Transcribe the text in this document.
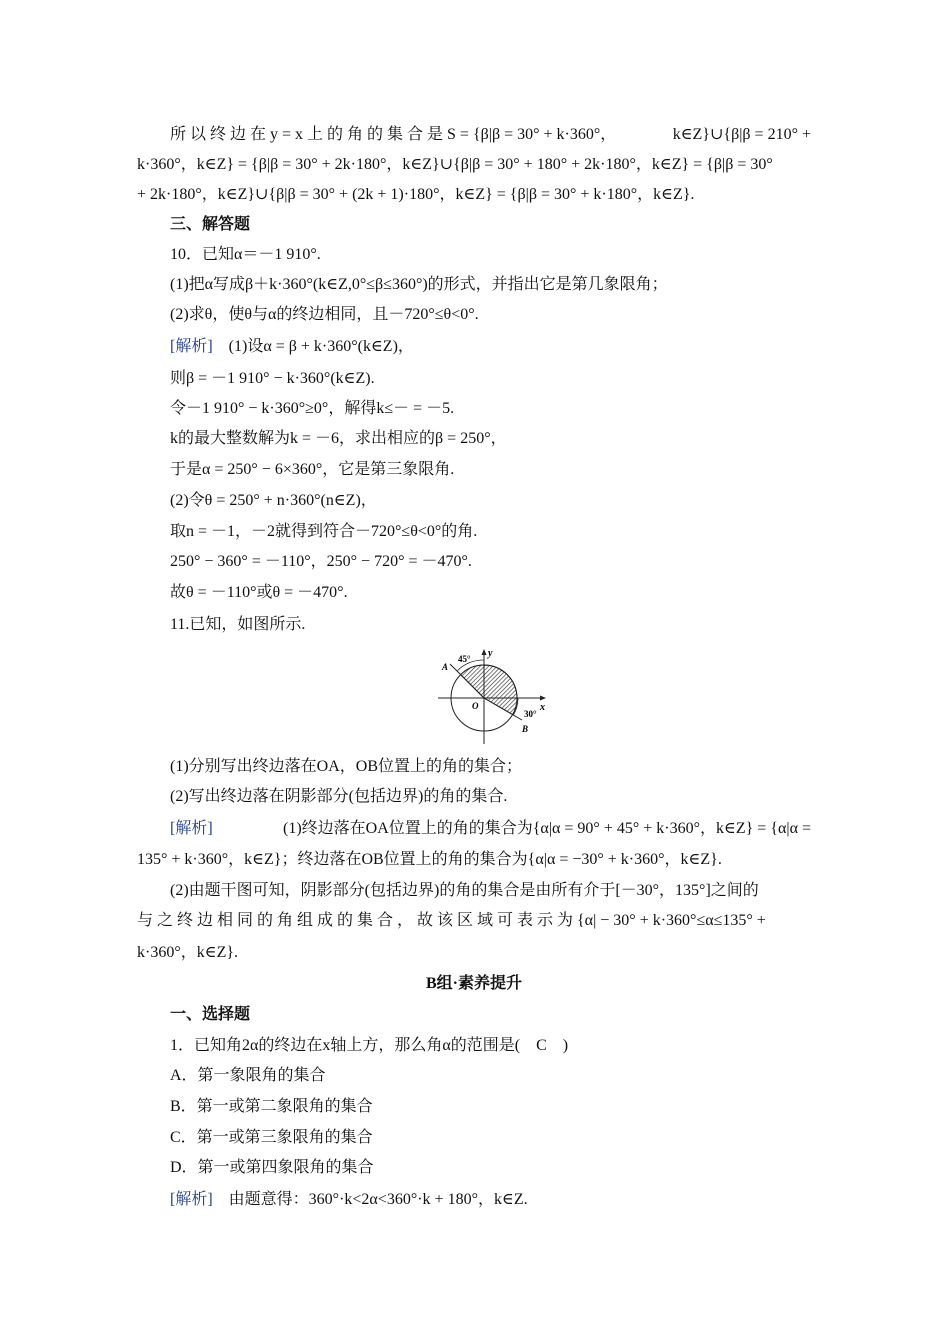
所 以 终 边 在 y = x 上 的 角 的 集 合 是 S = {β|β = 30° + k·360°，	k∈Z}∪{β|β = 210° +
k·360°，k∈Z} = {β|β = 30° + 2k·180°，k∈Z}∪{β|β = 30° + 180° + 2k·180°，k∈Z} = {β|β = 30°
+ 2k·180°，k∈Z}∪{β|β = 30° + (2k + 1)·180°，k∈Z} = {β|β = 30° + k·180°，k∈Z}.
三、解答题
10．已知α＝－1 910°.
(1)把α写成β＋k·360°(k∈Z,0°≤β≤360°)的形式，并指出它是第几象限角；
(2)求θ，使θ与α的终边相同，且－720°≤θ<0°.
[解析]　(1)设α = β + k·360°(k∈Z)，
则β = －1 910° − k·360°(k∈Z).
令－1 910° − k·360°≥0°，解得k≤－ = －5.
k的最大整数解为k = －6，求出相应的β = 250°，
于是α = 250° − 6×360°，它是第三象限角.
(2)令θ = 250° + n·360°(n∈Z)，
取n = －1，－2就得到符合－720°≤θ<0°的角.
250° − 360° = －110°，250° − 720° = －470°.
故θ = －110°或θ = －470°.
11.已知，如图所示.
45° y
A
O	x
30°
B
(1)分别写出终边落在OA，OB位置上的角的集合；
(2)写出终边落在阴影部分(包括边界)的角的集合.
[解析]	(1)终边落在OA位置上的角的集合为{α|α = 90° + 45° + k·360°，k∈Z} = {α|α =
135° + k·360°，k∈Z}；终边落在OB位置上的角的集合为{α|α = −30° + k·360°，k∈Z}.
(2)由题干图可知，阴影部分(包括边界)的角的集合是由所有介于[－30°，135°]之间的
与 之 终 边 相 同 的 角 组 成 的 集 合 ， 故 该 区 域 可 表 示 为 {α| − 30° + k·360°≤α≤135° +
k·360°，k∈Z}.
B组·素养提升
一、选择题
1．已知角2α的终边在x轴上方，那么角α的范围是(　C　)
A．第一象限角的集合
B．第一或第二象限角的集合
C．第一或第三象限角的集合
D．第一或第四象限角的集合
[解析]　由题意得：360°·k<2α<360°·k + 180°，k∈Z.
